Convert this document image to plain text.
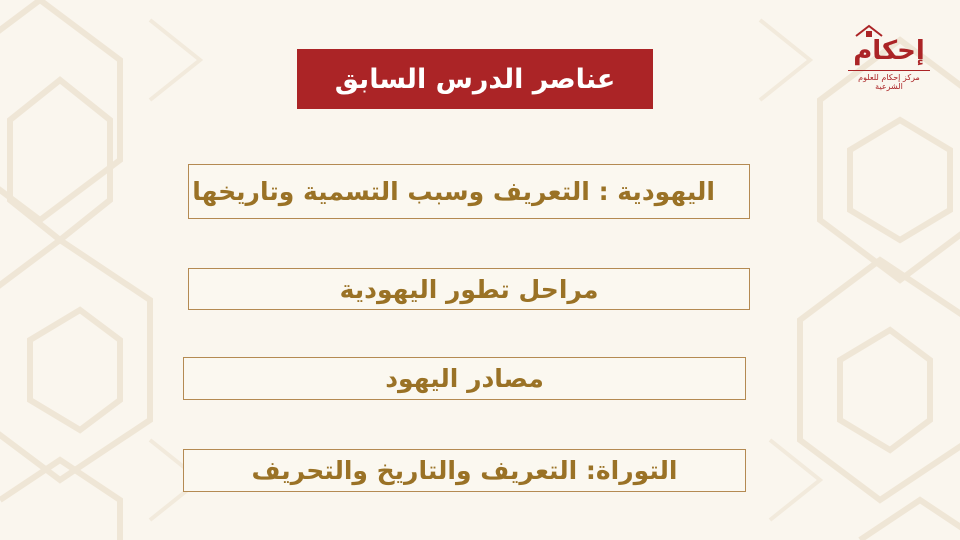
إحكام
مركز إحكام للعلوم الشرعية
عناصر الدرس السابق
اليهودية : التعريف وسبب التسمية وتاريخها
مراحل تطور اليهودية
مصادر اليهود
التوراة: التعريف والتاريخ والتحريف
